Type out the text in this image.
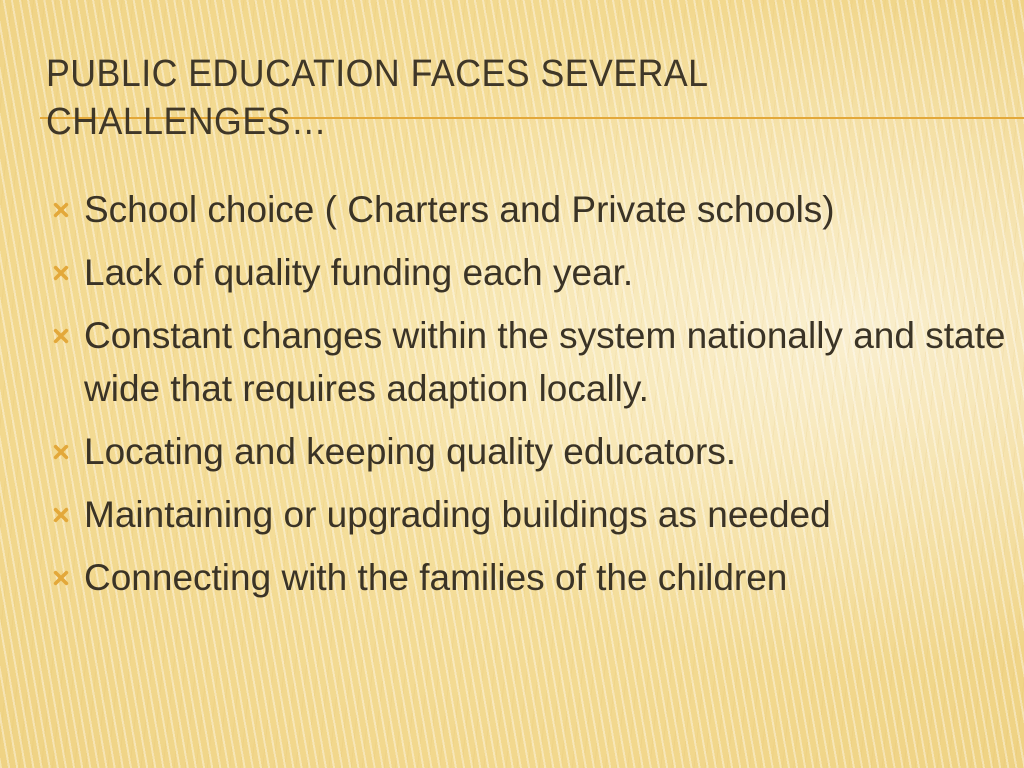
PUBLIC EDUCATION FACES SEVERAL CHALLENGES…
School choice ( Charters and Private schools)
Lack of quality funding each year.
Constant changes within the system nationally and state wide that requires adaption locally.
Locating and keeping quality educators.
Maintaining or upgrading buildings as needed
Connecting with the families of the children
